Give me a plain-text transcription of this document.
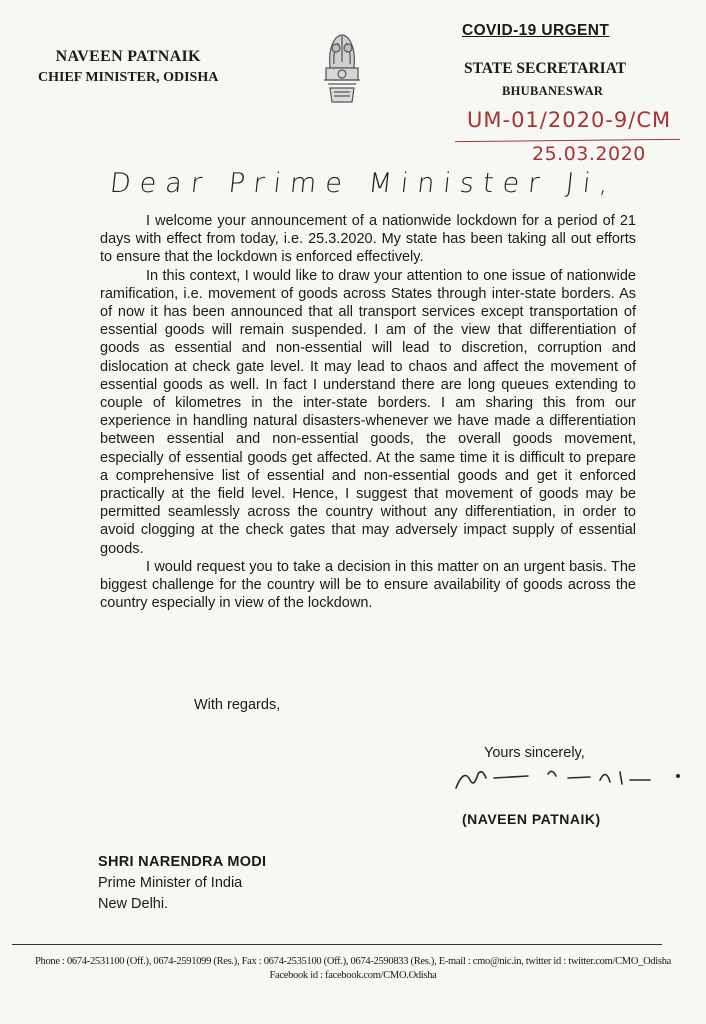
NAVEEN PATNAIK
CHIEF MINISTER, ODISHA
COVID-19 URGENT
STATE SECRETARIAT
BHUBANESWAR
UM-01/2020-9/CM
25.03.2020
Dear Prime Minister Ji,

I welcome your announcement of a nationwide lockdown for a period of 21 days with effect from today, i.e. 25.3.2020. My state has been taking all out efforts to ensure that the lockdown is enforced effectively.

In this context, I would like to draw your attention to one issue of nationwide ramification, i.e. movement of goods across States through inter-state borders. As of now it has been announced that all transport services except transportation of essential goods will remain suspended. I am of the view that differentiation of goods as essential and non-essential will lead to discretion, corruption and dislocation at check gate level. It may lead to chaos and affect the movement of essential goods as well. In fact I understand there are long queues extending to couple of kilometres in the inter-state borders. I am sharing this from our experience in handling natural disasters-whenever we have made a differentiation between essential and non-essential goods, the overall goods movement, especially of essential goods get affected. At the same time it is difficult to prepare a comprehensive list of essential and non-essential goods and get it enforced practically at the field level. Hence, I suggest that movement of goods may be permitted seamlessly across the country without any differentiation, in order to avoid clogging at the check gates that may adversely impact supply of essential goods.

I would request you to take a decision in this matter on an urgent basis. The biggest challenge for the country will be to ensure availability of goods across the country especially in view of the lockdown.

With regards,
Yours sincerely,
(NAVEEN PATNAIK)
SHRI NARENDRA MODI
Prime Minister of India
New Delhi.
Phone : 0674-2531100 (Off.), 0674-2591099 (Res.), Fax : 0674-2535100 (Off.), 0674-2590833 (Res.), E-mail : cmo@nic.in, twitter id : twitter.com/CMO_Odisha
Facebook id : facebook.com/CMO.Odisha
